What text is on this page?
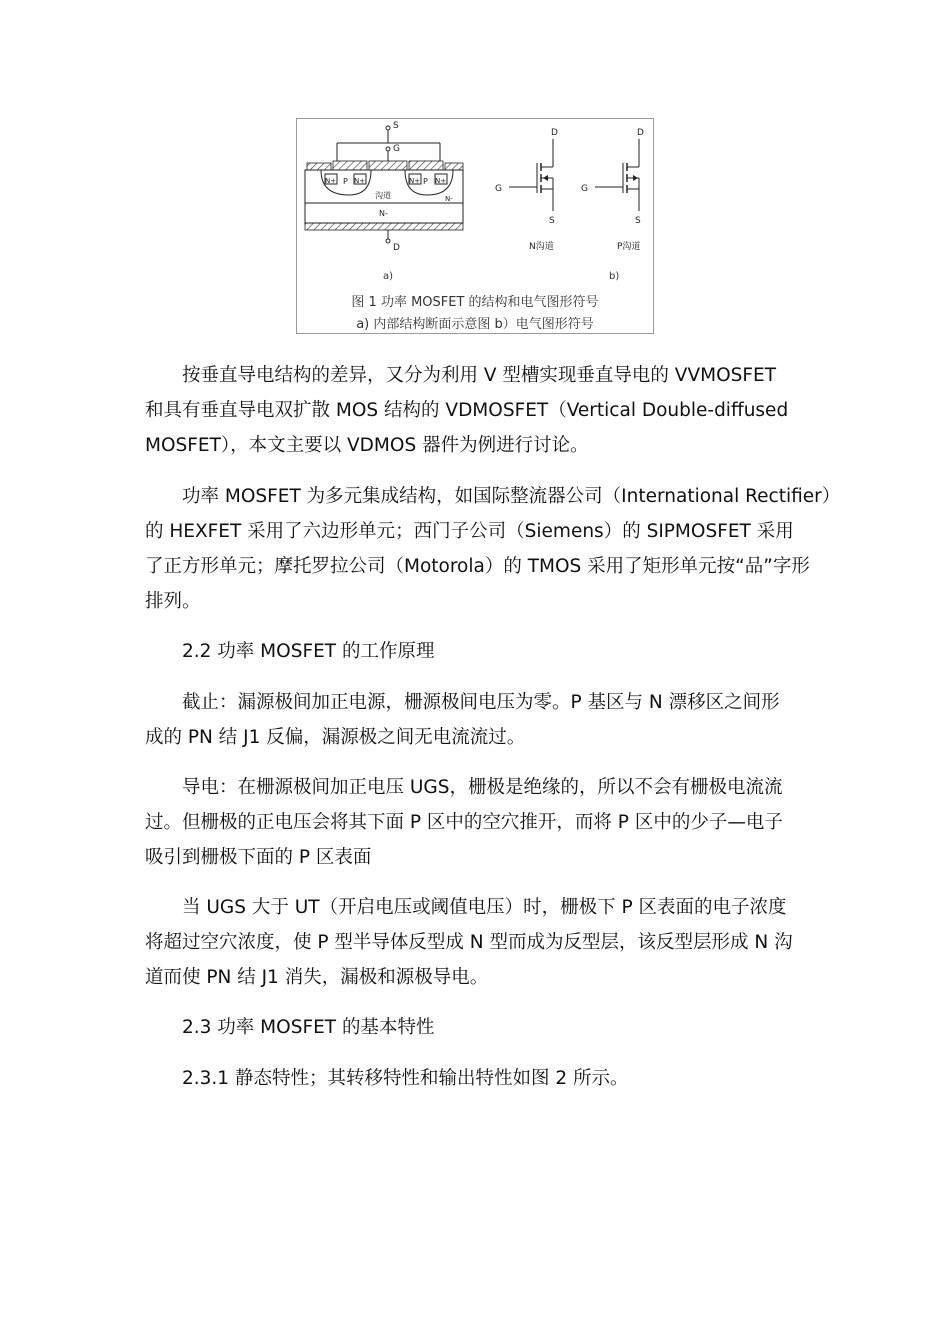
S
G
N+	N+	N+ N+
P	P
沟道	N-
N-
D
D
G
S
N沟道
D
G
S
P沟道
a)	b)
图 1 功率 MOSFET 的结构和电气图形符号
a) 内部结构断面示意图 b）电气图形符号

按垂直导电结构的差异，又分为利用 V 型槽实现垂直导电的 VVMOSFET
和具有垂直导电双扩散 MOS 结构的 VDMOSFET（Vertical Double-diffused
MOSFET），本文主要以 VDMOS 器件为例进行讨论。

功率 MOSFET 为多元集成结构，如国际整流器公司（International Rectifier）
的 HEXFET 采用了六边形单元；西门子公司（Siemens）的 SIPMOSFET 采用
了正方形单元；摩托罗拉公司（Motorola）的 TMOS 采用了矩形单元按“品”字形
排列。

2.2 功率 MOSFET 的工作原理

截止：漏源极间加正电源，栅源极间电压为零。P 基区与 N 漂移区之间形
成的 PN 结 J1 反偏，漏源极之间无电流流过。

导电：在栅源极间加正电压 UGS，栅极是绝缘的，所以不会有栅极电流流
过。但栅极的正电压会将其下面 P 区中的空穴推开，而将 P 区中的少子—电子
吸引到栅极下面的 P 区表面

当 UGS 大于 UT（开启电压或阈值电压）时，栅极下 P 区表面的电子浓度
将超过空穴浓度，使 P 型半导体反型成 N 型而成为反型层，该反型层形成 N 沟
道而使 PN 结 J1 消失，漏极和源极导电。

2.3 功率 MOSFET 的基本特性

2.3.1 静态特性；其转移特性和输出特性如图 2 所示。
